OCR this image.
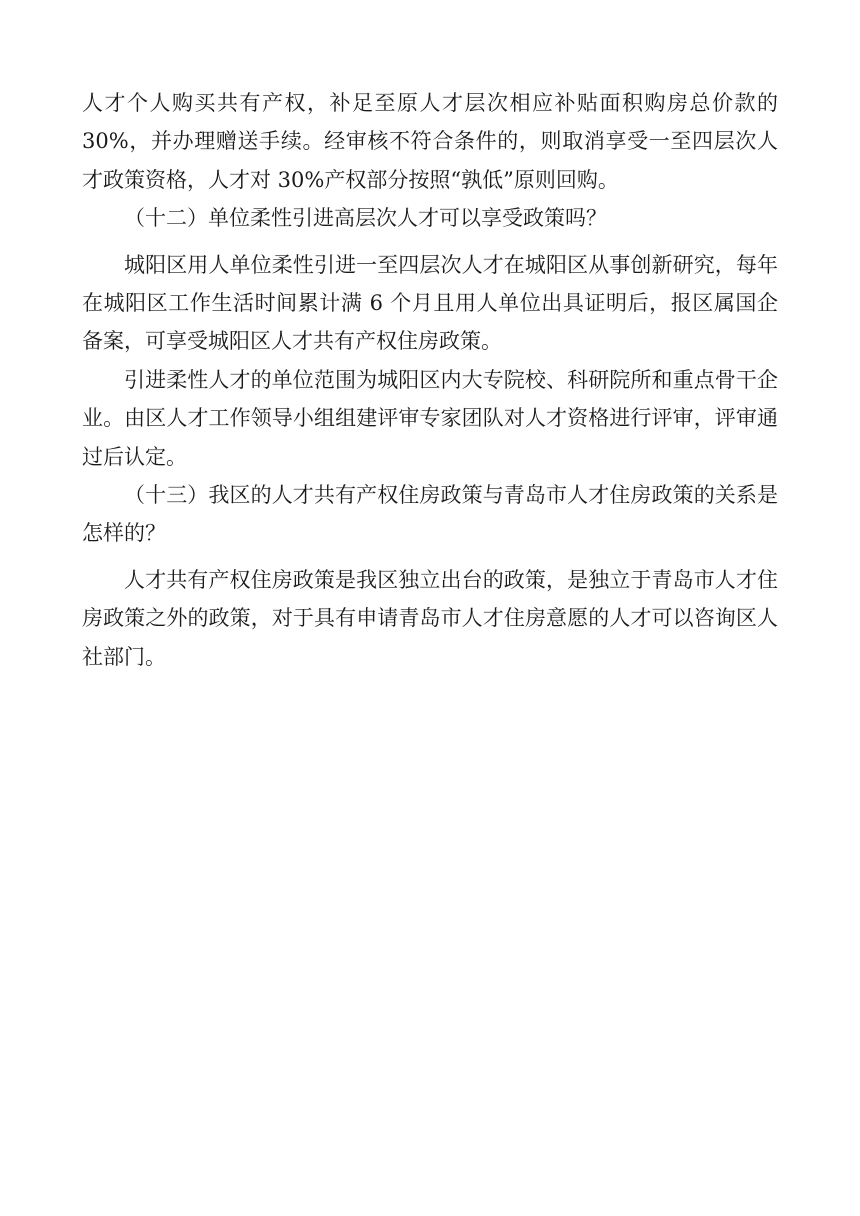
人才个人购买共有产权，补足至原人才层次相应补贴面积购房总价款的 30%，并办理赠送手续。经审核不符合条件的，则取消享受一至四层次人才政策资格，人才对 30%产权部分按照“孰低”原则回购。

（十二）单位柔性引进高层次人才可以享受政策吗？

城阳区用人单位柔性引进一至四层次人才在城阳区从事创新研究，每年在城阳区工作生活时间累计满 6 个月且用人单位出具证明后，报区属国企备案，可享受城阳区人才共有产权住房政策。

引进柔性人才的单位范围为城阳区内大专院校、科研院所和重点骨干企业。由区人才工作领导小组组建评审专家团队对人才资格进行评审，评审通过后认定。

（十三）我区的人才共有产权住房政策与青岛市人才住房政策的关系是怎样的？

人才共有产权住房政策是我区独立出台的政策，是独立于青岛市人才住房政策之外的政策，对于具有申请青岛市人才住房意愿的人才可以咨询区人社部门。
